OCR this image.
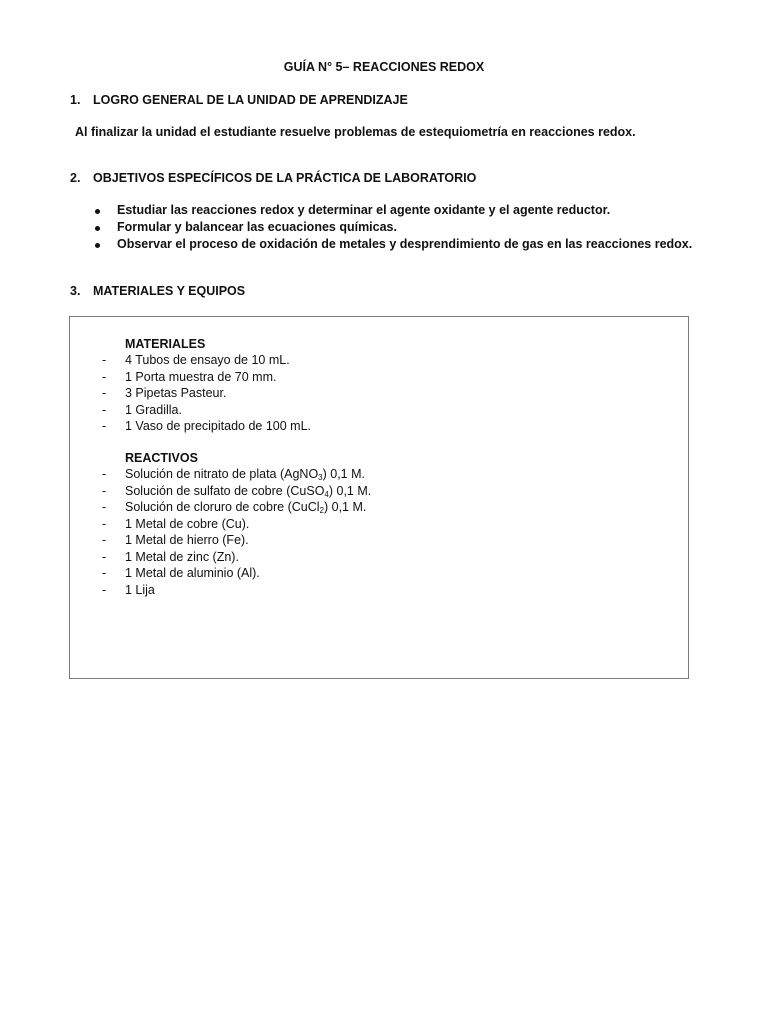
GUÍA N° 5– REACCIONES REDOX
1. LOGRO GENERAL DE LA UNIDAD DE APRENDIZAJE
Al finalizar la unidad el estudiante resuelve problemas de estequiometría en reacciones redox.
2. OBJETIVOS ESPECÍFICOS DE LA PRÁCTICA DE LABORATORIO
Estudiar las reacciones redox y determinar el agente oxidante y el agente reductor.
Formular y balancear las ecuaciones químicas.
Observar el proceso de oxidación de metales y desprendimiento de gas en las reacciones redox.
3. MATERIALES Y EQUIPOS
MATERIALES
- 4 Tubos de ensayo de 10 mL.
- 1 Porta muestra de 70 mm.
- 3 Pipetas Pasteur.
- 1 Gradilla.
- 1 Vaso de precipitado de 100 mL.
REACTIVOS
- Solución de nitrato de plata (AgNO$_3$) 0,1 M.
- Solución de sulfato de cobre (CuSO$_4$) 0,1 M.
- Solución de cloruro de cobre (CuCl$_2$) 0,1 M.
- 1 Metal de cobre (Cu).
- 1 Metal de hierro (Fe).
- 1 Metal de zinc (Zn).
- 1 Metal de aluminio (Al).
- 1 Lija
